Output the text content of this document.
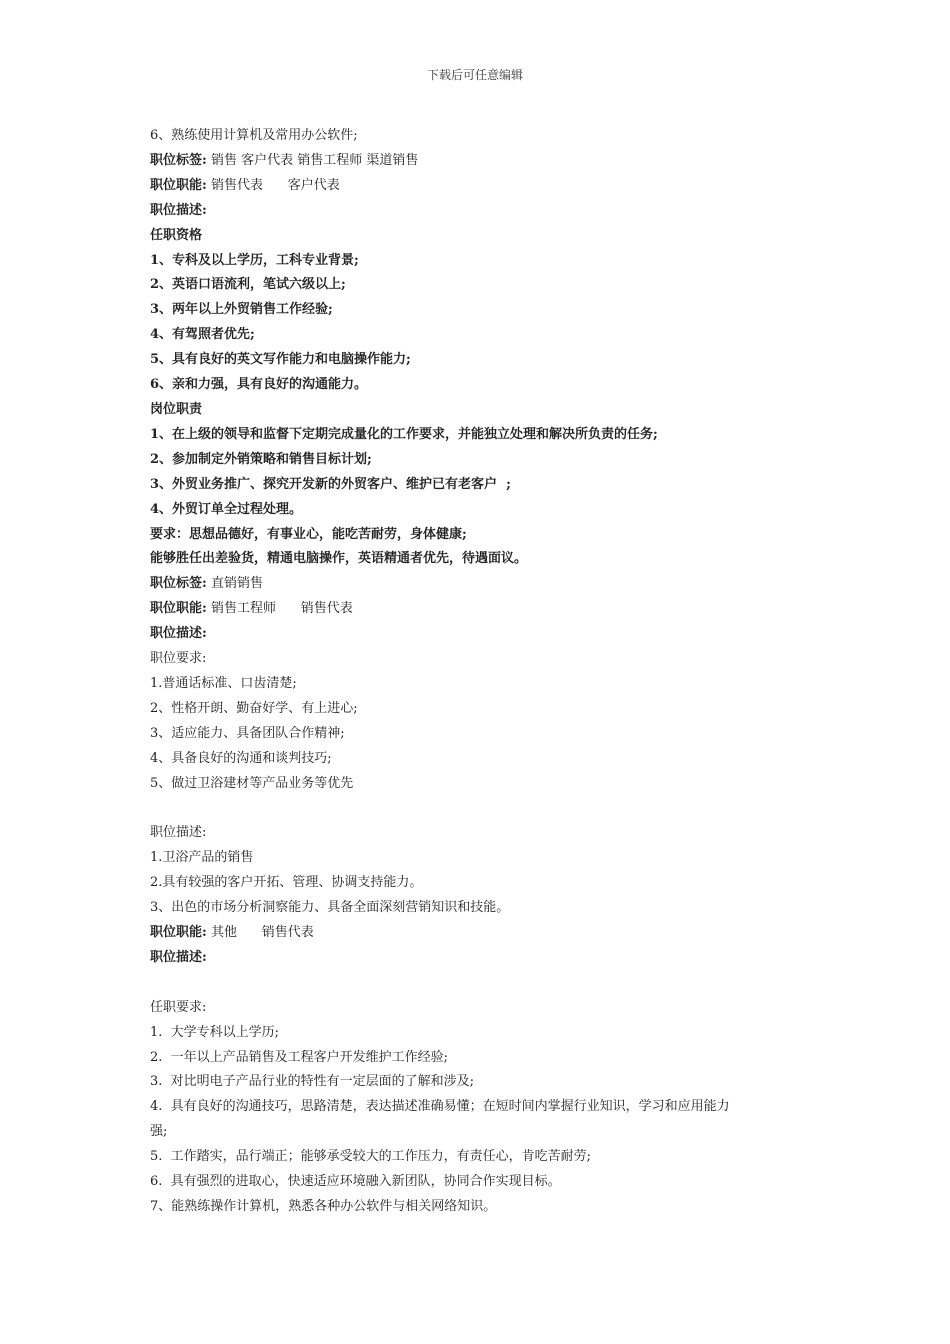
下载后可任意编辑

6、熟练使用计算机及常用办公软件;

职位标签: 销售 客户代表 销售工程师 渠道销售

职位职能: 销售代表      客户代表

职位描述:

任职资格

1、专科及以上学历，工科专业背景;

2、英语口语流利，笔试六级以上;

3、两年以上外贸销售工作经验;

4、有驾照者优先;

5、具有良好的英文写作能力和电脑操作能力;

6、亲和力强，具有良好的沟通能力。

岗位职责

1、在上级的领导和监督下定期完成量化的工作要求，并能独立处理和解决所负责的任务;

2、参加制定外销策略和销售目标计划;

3、外贸业务推广、探究开发新的外贸客户、维护已有老客户  ;

4、外贸订单全过程处理。

要求：思想品德好，有事业心，能吃苦耐劳，身体健康;

能够胜任出差验货，精通电脑操作，英语精通者优先，待遇面议。

职位标签: 直销销售

职位职能: 销售工程师      销售代表

职位描述:

职位要求:

1.普通话标准、口齿清楚;

2、性格开朗、勤奋好学、有上进心;

3、适应能力、具备团队合作精神;

4、具备良好的沟通和谈判技巧;

5、做过卫浴建材等产品业务等优先

职位描述:

1.卫浴产品的销售

2.具有较强的客户开拓、管理、协调支持能力。

3、出色的市场分析洞察能力、具备全面深刻营销知识和技能。

职位职能: 其他      销售代表

职位描述:

任职要求:

1.  大学专科以上学历;

2.  一年以上产品销售及工程客户开发维护工作经验;

3.  对比明电子产品行业的特性有一定层面的了解和涉及;

4.  具有良好的沟通技巧，思路清楚，表达描述准确易懂；在短时间内掌握行业知识，学习和应用能力

强;

5.  工作踏实，品行端正；能够承受较大的工作压力，有责任心，肯吃苦耐劳;

6.  具有强烈的进取心，快速适应环境融入新团队，协同合作实现目标。

7、能熟练操作计算机，熟悉各种办公软件与相关网络知识。
